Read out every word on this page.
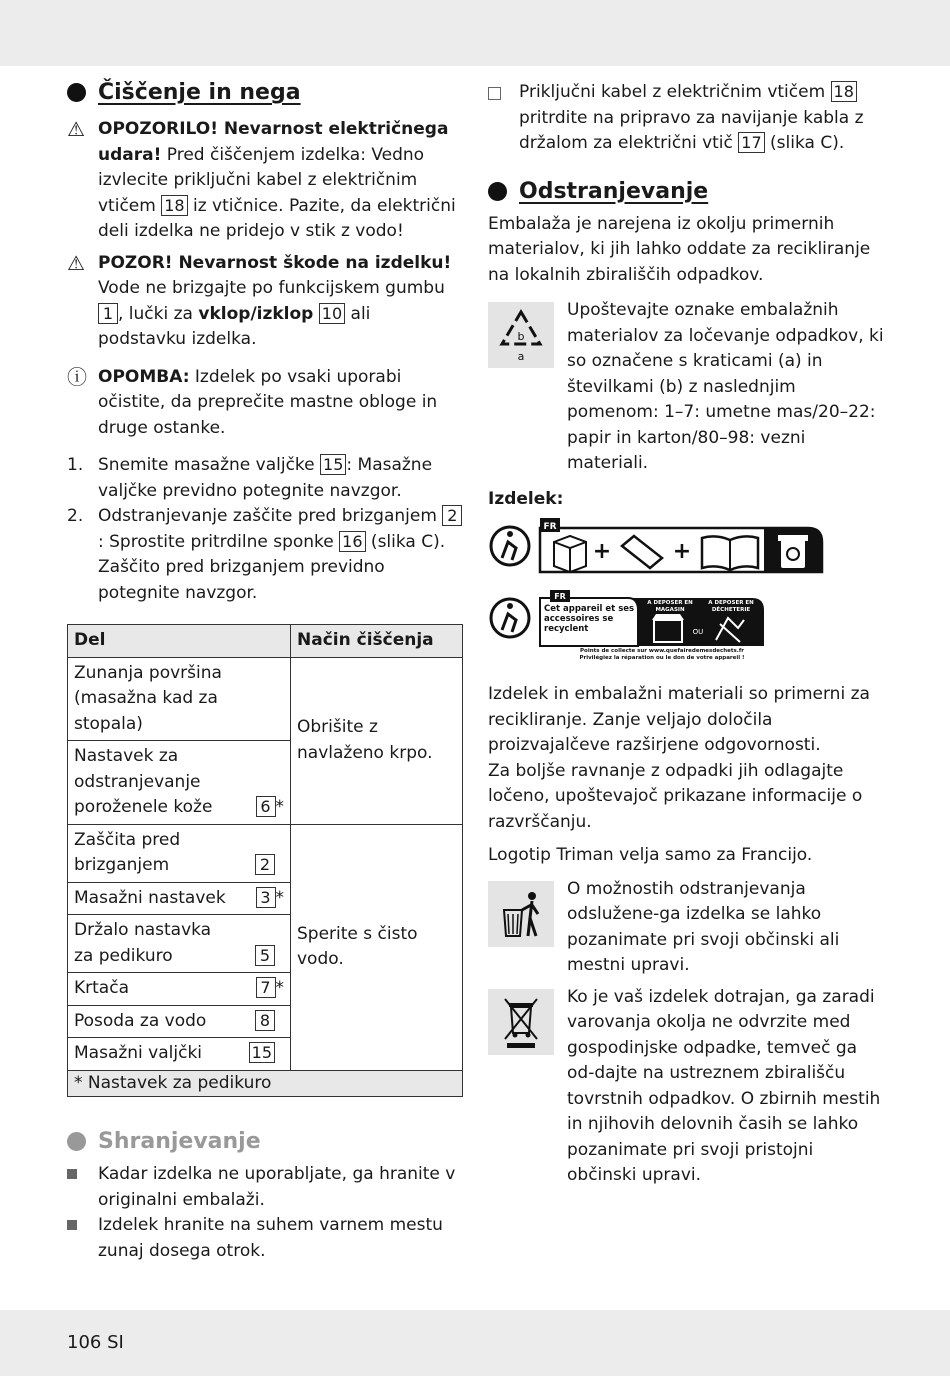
Čiščenje in nega
⚠ OPOZORILO! Nevarnost električnega udara! Pred čiščenjem izdelka: Vedno izvlecite priključni kabel z električnim vtičem 18 iz vtičnice. Pazite, da električni deli izdelka ne pridejo v stik z vodo!
⚠ POZOR! Nevarnost škode na izdelku! Vode ne brizgajte po funkcijskem gumbu 1 , lučki za vklop/izklop 10 ali podstavku izdelka.
ⓘ OPOMBA: Izdelek po vsaki uporabi očistite, da preprečite mastne obloge in druge ostanke.
1. Snemite masažne valjčke 15 : Masažne valjčke previdno potegnite navzgor.
2. Odstranjevanje zaščite pred brizganjem 2: Sprostite pritrdilne sponke 16 (slika C). Zaščito pred brizganjem previdno potegnite navzgor.
Del	Način čiščenja
Zunanja površina (masažna kad za stopala)	Obrišite z navlaženo krpo.

Nastavek za odstranjevanje poroženele kože 6 *	

Zaščita pred brizganjem 2	Sperite s čisto vodo.

Masažni nastavek 3 *	

Držalo nastavka za pedikuro 5	

Krtača 7 *	

Posoda za vodo 8	

Masažni valjčki 15	

* Nastavek za pedikuro	
Shranjevanje
Kadar izdelka ne uporabljate, ga hranite v originalni embalaži.
Izdelek hranite na suhem varnem mestu zunaj dosega otrok.
Priključni kabel z električnim vtičem 18 pritrdite na pripravo za navijanje kabla z držalom za električni vtič 17 (slika C).
Odstranjevanje

Embalaža je narejena iz okolju primernih materialov, ki jih lahko oddate za recikliranje na lokalnih zbirališčih odpadkov.

b
a

Upoštevajte oznake embalažnih materialov za ločevanje odpadkov, ki so označene s kraticami (a) in številkami (b) z naslednjim pomenom: 1–7: umetne mas/20–22: papir in karton/80–98: vezni materiali.

Izdelek:

FR
+	+
FR
Cet appareil et ses accessoires se recyclent
À DÉPOSER EN MAGASIN
À DÉPOSER EN DÉCHETERIE
OU
Points de collecte sur www.quefairedemesdechets.fr
Privilégiez la réparation ou le don de votre appareil !

Izdelek in embalažni materiali so primerni za recikliranje. Zanje veljajo določila proizvajalčeve razširjene odgovornosti.

Za boljše ravnanje z odpadki jih odlagajte ločeno, upoštevajoč prikazane informacije o razvrščanju.

Logotip Triman velja samo za Francijo.

O možnostih odstranjevanja odslužene-ga izdelka se lahko pozanimate pri svoji občinski ali mestni upravi.

Ko je vaš izdelek dotrajan, ga zaradi varovanja okolja ne odvrzite med gospodinjske odpadke, temveč ga od-dajte na ustreznem zbirališču tovrstnih odpadkov. O zbirnih mestih in njihovih delovnih časih se lahko pozanimate pri svoji pristojni občinski upravi.

106 SI
